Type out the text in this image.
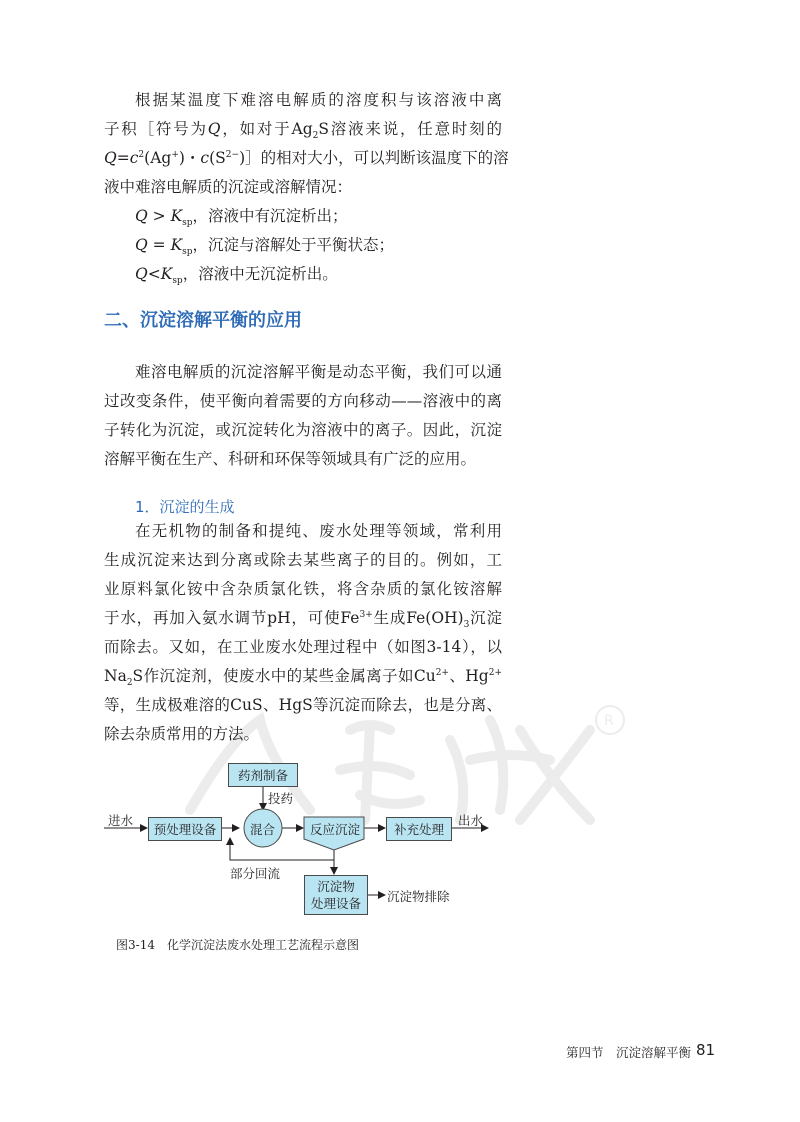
根据某温度下难溶电解质的溶度积与该溶液中离
子积［符号为Q，如对于$Ag_2S$溶液来说，任意时刻的
$Q=c^2(Ag^+)$・$c(S^{2-})]$的相对大小，可以判断该温度下的溶
液中难溶电解质的沉淀或溶解情况：
$Q > K_{sp}$，溶液中有沉淀析出；
$Q = K_{sp}$，沉淀与溶解处于平衡状态；
$Q<K_{sp}$，溶液中无沉淀析出。
二、沉淀溶解平衡的应用
难溶电解质的沉淀溶解平衡是动态平衡，我们可以通
过改变条件，使平衡向着需要的方向移动——溶液中的离
子转化为沉淀，或沉淀转化为溶液中的离子。因此，沉淀
溶解平衡在生产、科研和环保等领域具有广泛的应用。
1．沉淀的生成
R
在无机物的制备和提纯、废水处理等领域，常利用
生成沉淀来达到分离或除去某些离子的目的。例如，工
业原料氯化铵中含杂质氯化铁，将含杂质的氯化铵溶解
于水，再加入氨水调节pH，可使$Fe^{3+}$生成$Fe(OH)_3$沉淀
而除去。又如，在工业废水处理过程中（如图3-14），以
$Na_2S$作沉淀剂，使废水中的某些金属离子如$Cu^{2+}$、$Hg^{2+}$
等，生成极难溶的CuS、HgS等沉淀而除去，也是分离、
除去杂质常用的方法。
药剂制备
投药
进水
预处理设备	混合	反应沉淀	补充处理
出水
部分回流
沉淀物
处理设备 沉淀物排除
图3-14　化学沉淀法废水处理工艺流程示意图
第四节　沉淀溶解平衡 81
